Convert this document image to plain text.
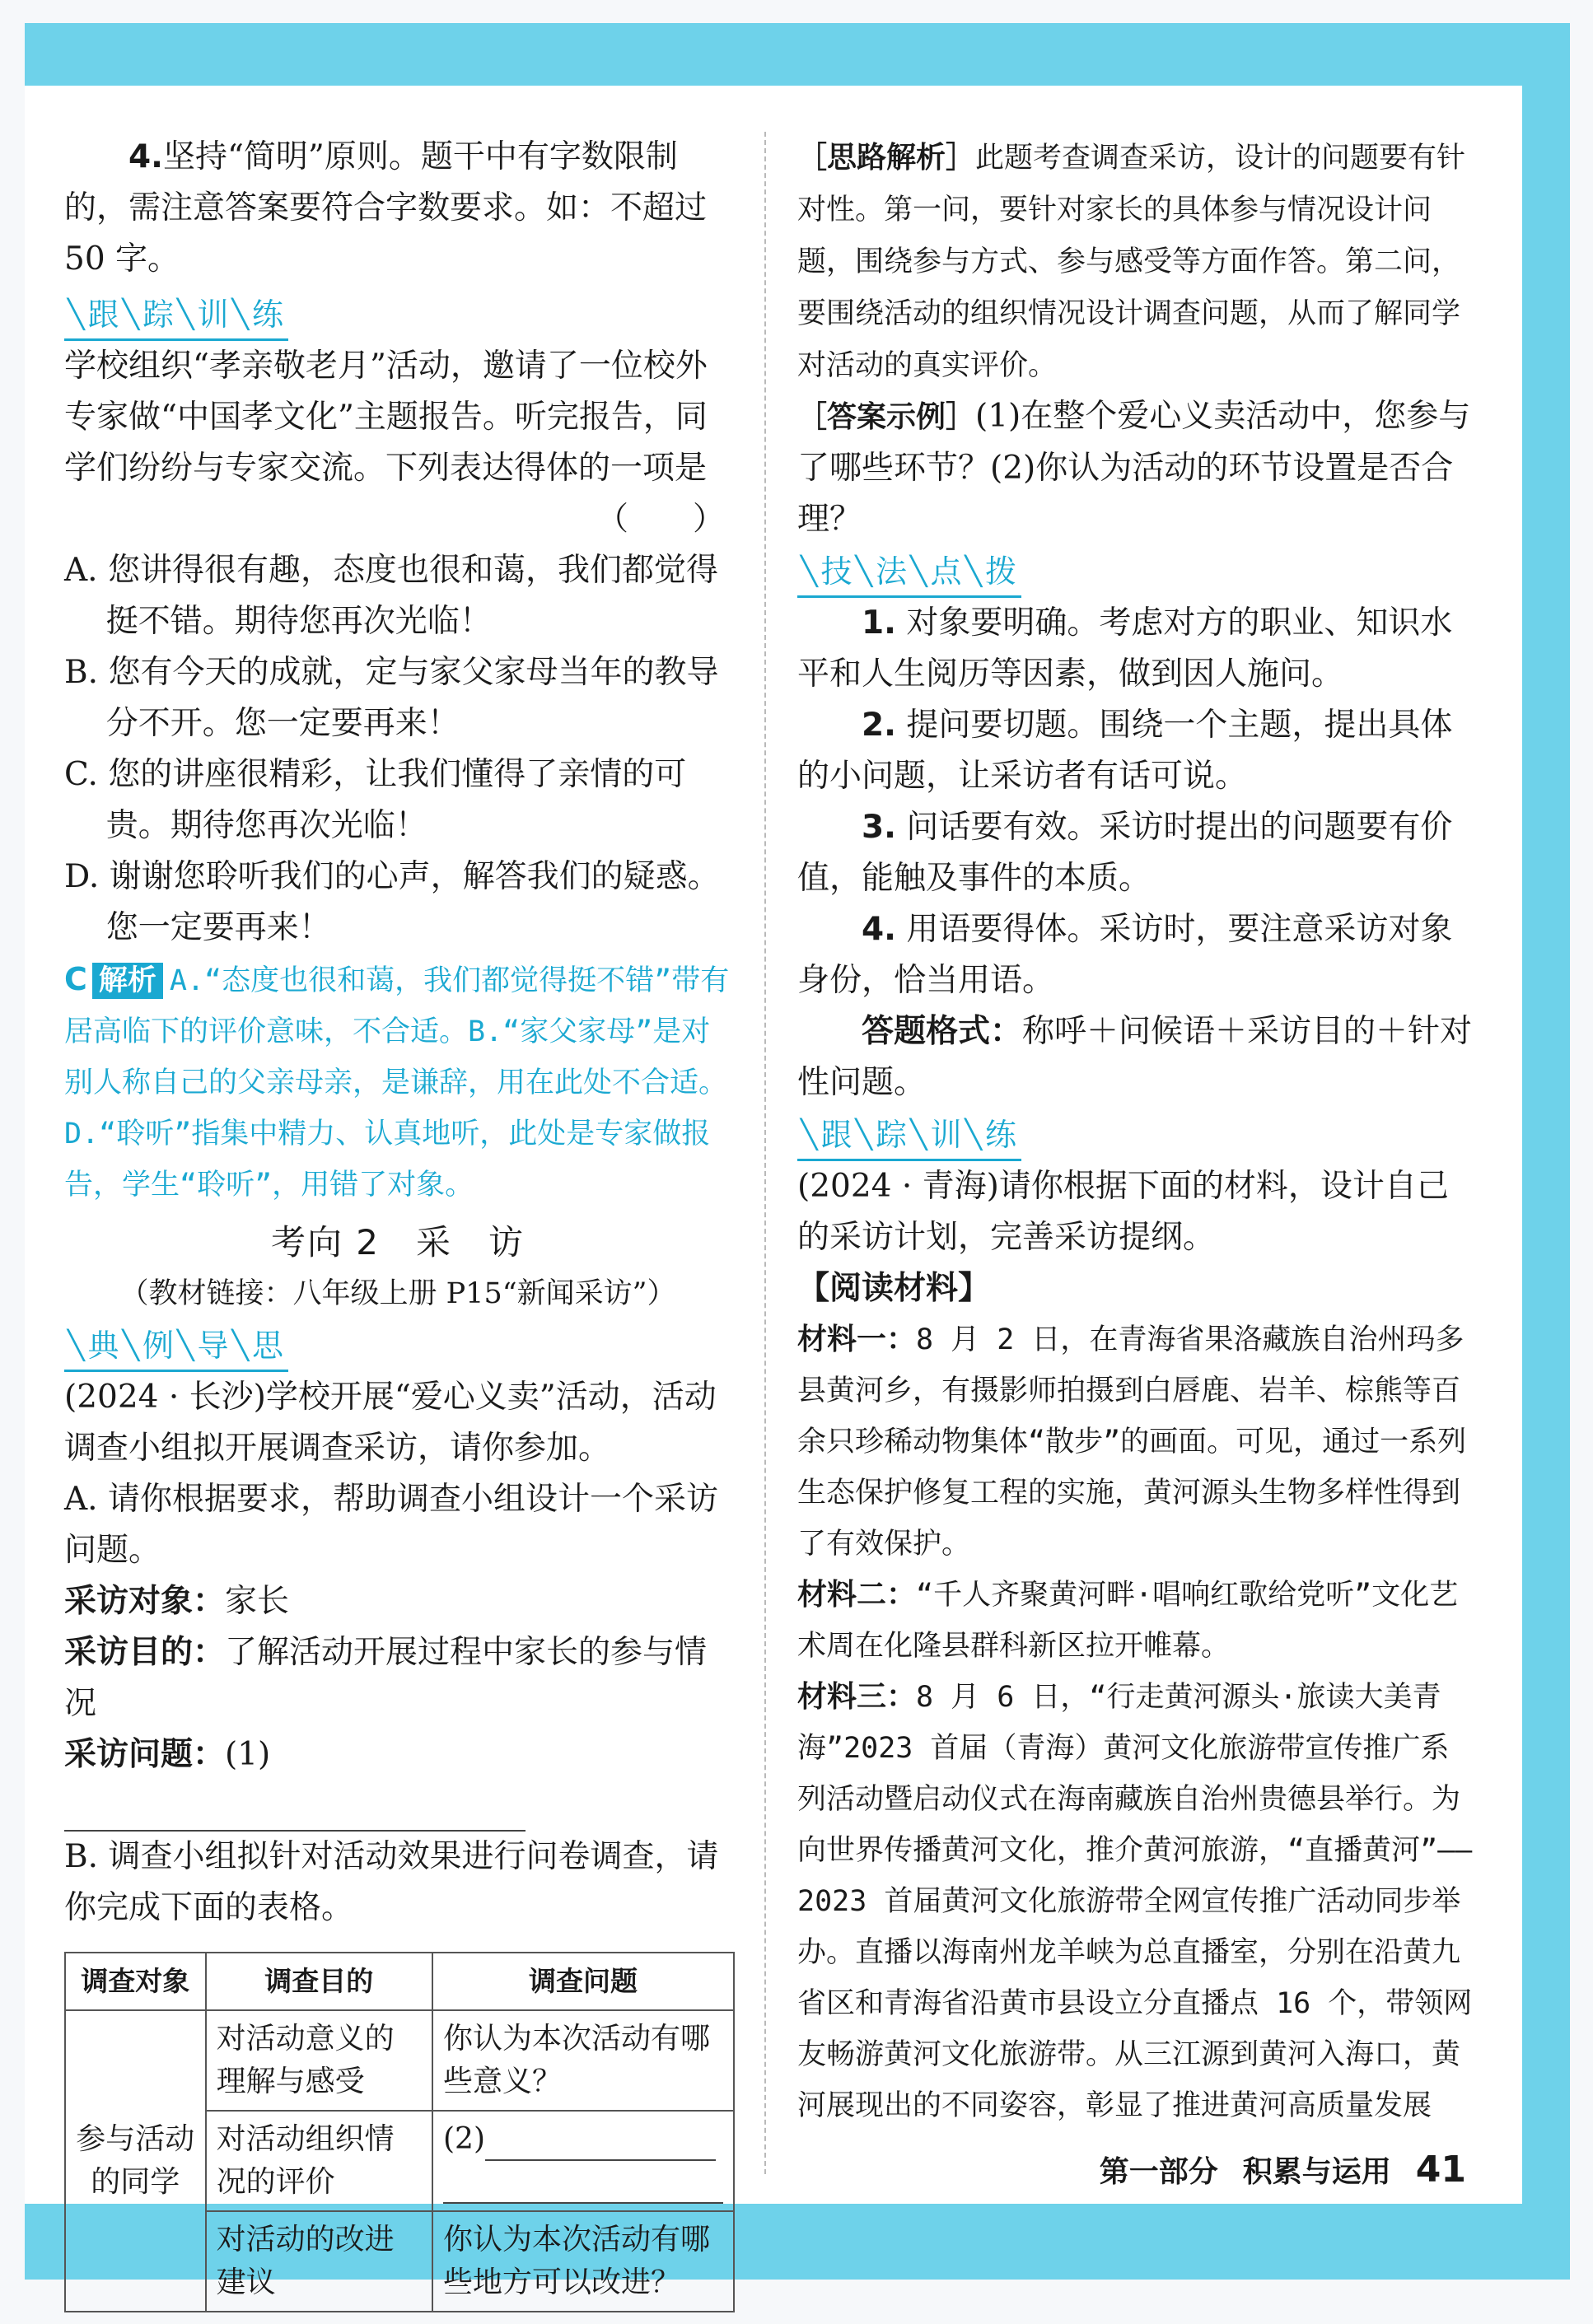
4.坚持“简明”原则。题干中有字数限制的，需注意答案要符合字数要求。如：不超过 50 字。

╲ 跟 ╲ 踪 ╲ 训 ╲ 练

学校组织“孝亲敬老月”活动，邀请了一位校外专家做“中国孝文化”主题报告。听完报告，同学们纷纷与专家交流。下列表达得体的一项是

（　　）

A. 您讲得很有趣，态度也很和蔼，我们都觉得挺不错。期待您再次光临！

B. 您有今天的成就，定与家父家母当年的教导分不开。您一定要再来！

C. 您的讲座很精彩，让我们懂得了亲情的可贵。期待您再次光临！

D. 谢谢您聆听我们的心声，解答我们的疑惑。您一定要再来！

C 解析 A.“态度也很和蔼，我们都觉得挺不错”带有居高临下的评价意味，不合适。B.“家父家母”是对别人称自己的父亲母亲，是谦辞，用在此处不合适。D.“聆听”指集中精力、认真地听，此处是专家做报告，学生“聆听”，用错了对象。

考向 2　采　访

（教材链接：八年级上册 P15“新闻采访”）

╲ 典 ╲ 例 ╲ 导 ╲ 思

(2024 · 长沙)学校开展“爱心义卖”活动，活动调查小组拟开展调查采访，请你参加。

A. 请你根据要求，帮助调查小组设计一个采访问题。

采访对象：家长

采访目的：了解活动开展过程中家长的参与情况

采访问题：(1)

B. 调查小组拟针对活动效果进行问卷调查，请你完成下面的表格。

调查对象	调查目的	调查问题
参与活动的同学	对活动意义的理解与感受	你认为本次活动有哪些意义？
	对活动组织情况的评价	(2)

	对活动的改进建议	你认为本次活动有哪些地方可以改进？

［思路解析］此题考查调查采访，设计的问题要有针对性。第一问，要针对家长的具体参与情况设计问题，围绕参与方式、参与感受等方面作答。第二问，要围绕活动的组织情况设计调查问题，从而了解同学对活动的真实评价。

［答案示例］(1)在整个爱心义卖活动中，您参与了哪些环节？(2)你认为活动的环节设置是否合理？

╲ 技 ╲ 法 ╲ 点 ╲ 拨

1. 对象要明确。考虑对方的职业、知识水平和人生阅历等因素，做到因人施问。

2. 提问要切题。围绕一个主题，提出具体的小问题，让采访者有话可说。

3. 问话要有效。采访时提出的问题要有价值，能触及事件的本质。

4. 用语要得体。采访时，要注意采访对象身份，恰当用语。

答题格式：称呼＋问候语＋采访目的＋针对性问题。

╲ 跟 ╲ 踪 ╲ 训 ╲ 练

(2024 · 青海)请你根据下面的材料，设计自己的采访计划，完善采访提纲。

【阅读材料】

材料一：8 月 2 日，在青海省果洛藏族自治州玛多县黄河乡，有摄影师拍摄到白唇鹿、岩羊、棕熊等百余只珍稀动物集体“散步”的画面。可见，通过一系列生态保护修复工程的实施，黄河源头生物多样性得到了有效保护。

材料二：“千人齐聚黄河畔·唱响红歌给党听”文化艺术周在化隆县群科新区拉开帷幕。

材料三：8 月 6 日，“行走黄河源头·旅读大美青海”2023 首届（青海）黄河文化旅游带宣传推广系列活动暨启动仪式在海南藏族自治州贵德县举行。为向世界传播黄河文化，推介黄河旅游，“直播黄河”——2023 首届黄河文化旅游带全网宣传推广活动同步举办。直播以海南州龙羊峡为总直播室，分别在沿黄九省区和青海省沿黄市县设立分直播点 16 个，带领网友畅游黄河文化旅游带。从三江源到黄河入海口，黄河展现出的不同姿容，彰显了推进黄河高质量发展

第一部分 积累与运用 41
